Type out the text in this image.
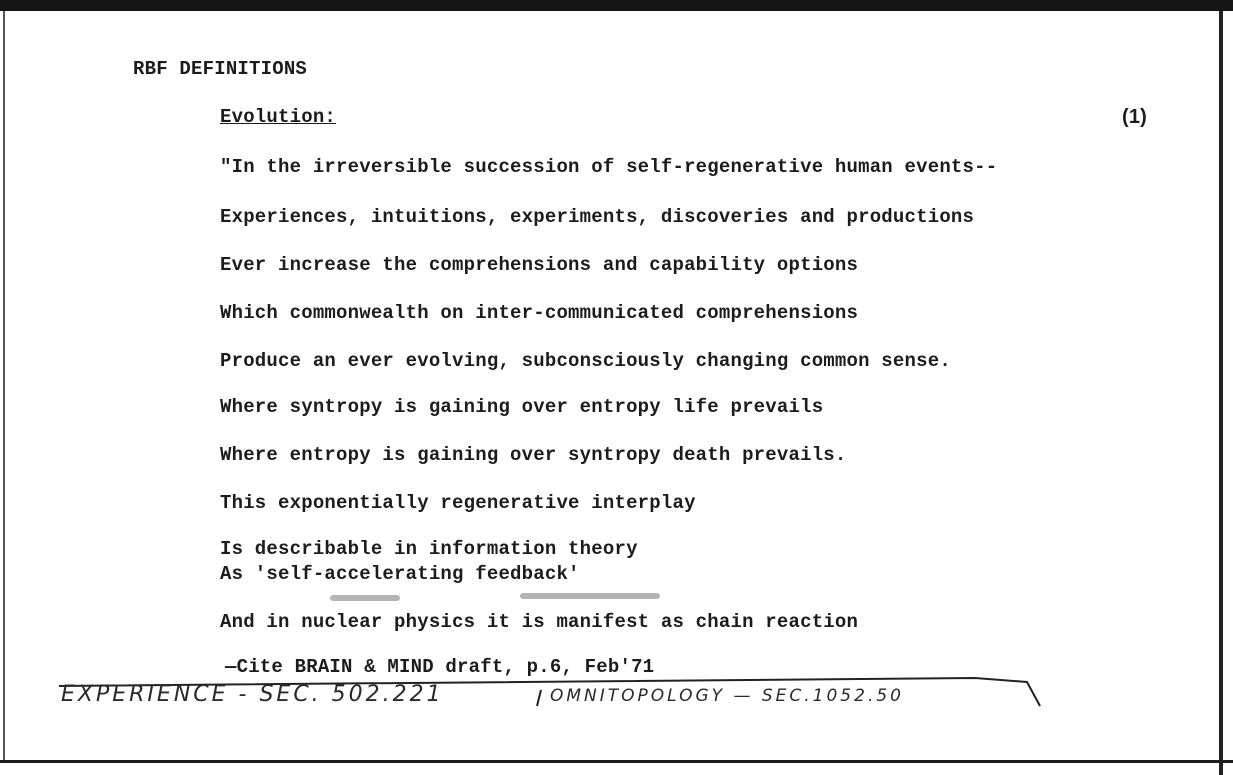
RBF DEFINITIONS
Evolution:	(1)
"In the irreversible succession of self-regenerative human events--
Experiences, intuitions, experiments, discoveries and productions
Ever increase the comprehensions and capability options
Which commonwealth on inter-communicated comprehensions
Produce an ever evolving, subconsciously changing common sense.
Where syntropy is gaining over entropy life prevails
Where entropy is gaining over syntropy death prevails.
This exponentially regenerative interplay
Is describable in information theory
As 'self-accelerating feedback'
And in nuclear physics it is manifest as chain reaction
—Cite BRAIN & MIND draft, p.6, Feb'71
EXPERIENCE - SEC. 502.221	OMNITOPOLOGY — SEC.1052.50
